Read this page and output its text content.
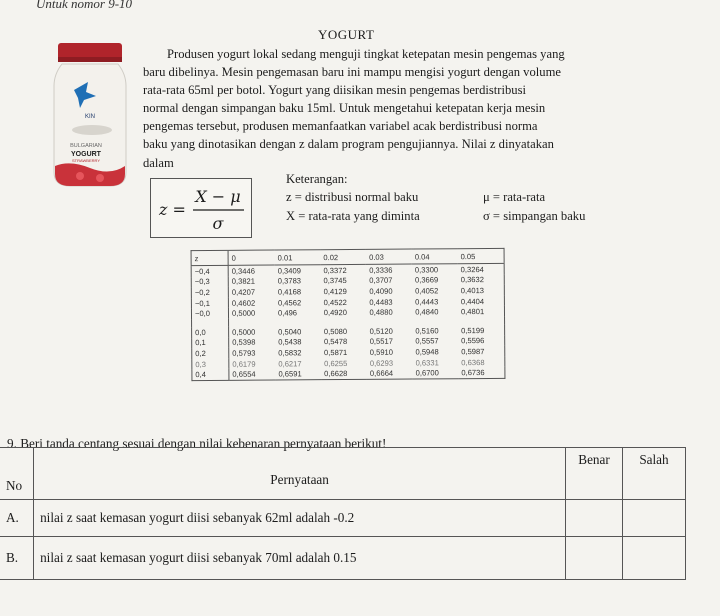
Untuk nomor 9-10
YOGURT
Produsen yogurt lokal sedang menguji tingkat ketepatan mesin pengemas yang
baru dibelinya. Mesin pengemasan baru ini mampu mengisi yogurt dengan volume
rata-rata 65ml per botol. Yogurt yang diisikan mesin pengemas berdistribusi
normal dengan simpangan baku 15ml. Untuk mengetahui ketepatan kerja mesin
pengemas tersebut, produsen memanfaatkan variabel acak berdistribusi norma
baku yang dinotasikan dengan z dalam program pengujiannya. Nilai z dinyatakan
dalam
KIN
BULGARIAN
YOGURT
STRAWBERRY
z =
X − μ
σ
Keterangan:
z = distribusi normal baku
X = rata-rata yang diminta
μ = rata-rata
σ = simpangan baku
z	0	0.01	0.02	0.03	0.04	0.05
−0,4	0,3446	0,3409	0,3372	0,3336	0,3300	0,3264
−0,3	0,3821	0,3783	0,3745	0,3707	0,3669	0,3632
−0,2	0,4207	0,4168	0,4129	0,4090	0,4052	0,4013
−0,1	0,4602	0,4562	0,4522	0,4483	0,4443	0,4404
−0,0	0,5000	0,496	0,4920	0,4880	0,4840	0,4801

0,0	0,5000	0,5040	0,5080	0,5120	0,5160	0,5199
0,1	0,5398	0,5438	0,5478	0,5517	0,5557	0,5596
0,2	0,5793	0,5832	0,5871	0,5910	0,5948	0,5987
0,3	0,6179	0,6217	0,6255	0,6293	0,6331	0,6368
0,4	0,6554	0,6591	0,6628	0,6664	0,6700	0,6736
9. Beri tanda centang sesuai dengan nilai kebenaran pernyataan berikut!
No	Pernyataan	Benar	Salah
A.	nilai z saat kemasan yogurt diisi sebanyak 62ml adalah -0.2		
B.	nilai z saat kemasan yogurt diisi sebanyak 70ml adalah 0.15		
